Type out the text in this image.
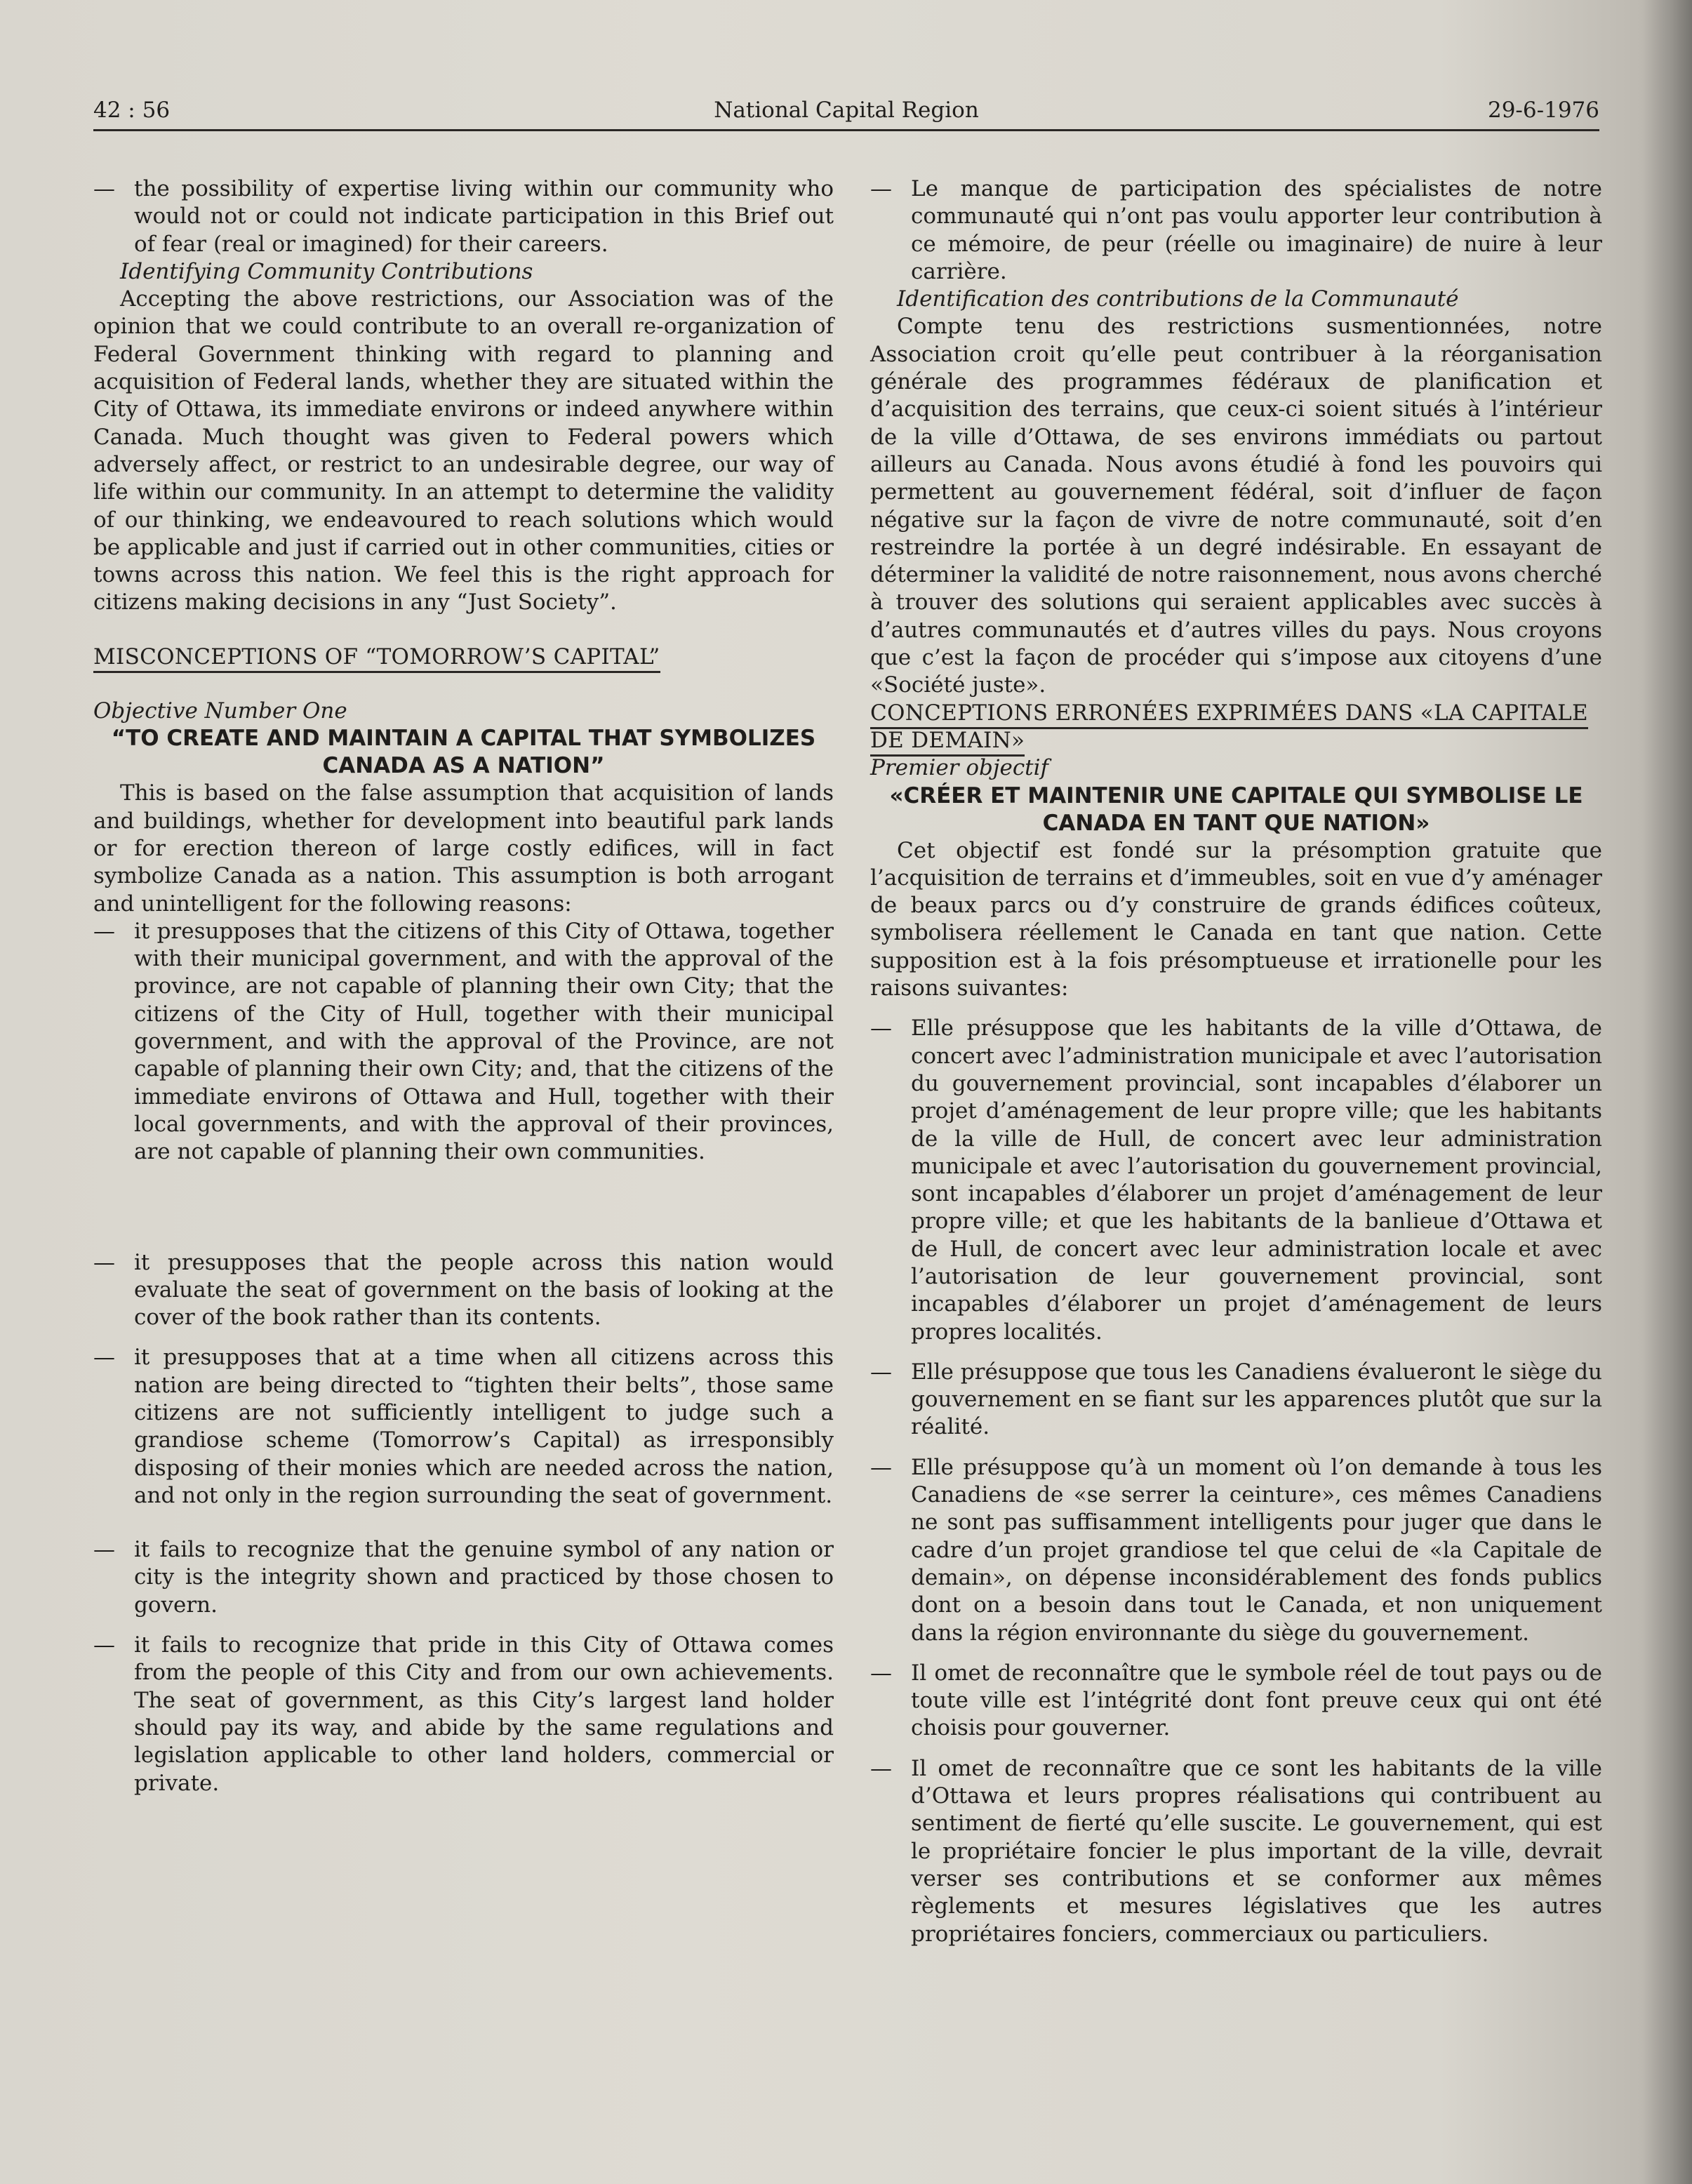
42 : 56	National Capital Region	29-6-1976

— the possibility of expertise living within our community who would not or could not indicate participation in this Brief out of fear (real or imagined) for their careers.

Identifying Community Contributions

Accepting the above restrictions, our Association was of the opinion that we could contribute to an overall re-organization of Federal Government thinking with regard to planning and acquisition of Federal lands, whether they are situated within the City of Ottawa, its immediate environs or indeed anywhere within Canada. Much thought was given to Federal powers which adversely affect, or restrict to an undesirable degree, our way of life within our community. In an attempt to determine the validity of our thinking, we endeavoured to reach solutions which would be applicable and just if carried out in other communities, cities or towns across this nation. We feel this is the right approach for citizens making decisions in any “Just Society”.

MISCONCEPTIONS OF “TOMORROW’S CAPITAL”

Objective Number One

“TO CREATE AND MAINTAIN A CAPITAL THAT SYMBOLIZES CANADA AS A NATION”

This is based on the false assumption that acquisition of lands and buildings, whether for development into beautiful park lands or for erection thereon of large costly edifices, will in fact symbolize Canada as a nation. This assumption is both arrogant and unintelligent for the following reasons:

— it presupposes that the citizens of this City of Ottawa, together with their municipal government, and with the approval of the province, are not capable of planning their own City; that the citizens of the City of Hull, together with their municipal government, and with the approval of the Province, are not capable of planning their own City; and, that the citizens of the immediate environs of Ottawa and Hull, together with their local governments, and with the approval of their provinces, are not capable of planning their own communities.

— it presupposes that the people across this nation would evaluate the seat of government on the basis of looking at the cover of the book rather than its contents.

— it presupposes that at a time when all citizens across this nation are being directed to “tighten their belts”, those same citizens are not sufficiently intelligent to judge such a grandiose scheme (Tomorrow’s Capital) as irresponsibly disposing of their monies which are needed across the nation, and not only in the region surrounding the seat of government.

— it fails to recognize that the genuine symbol of any nation or city is the integrity shown and practiced by those chosen to govern.

— it fails to recognize that pride in this City of Ottawa comes from the people of this City and from our own achievements. The seat of government, as this City’s largest land holder should pay its way, and abide by the same regulations and legislation applicable to other land holders, commercial or private.

— Le manque de participation des spécialistes de notre communauté qui n’ont pas voulu apporter leur contribution à ce mémoire, de peur (réelle ou imaginaire) de nuire à leur carrière.

Identification des contributions de la Communauté

Compte tenu des restrictions susmentionnées, notre Association croit qu’elle peut contribuer à la réorganisation générale des programmes fédéraux de planification et d’acquisition des terrains, que ceux-ci soient situés à l’intérieur de la ville d’Ottawa, de ses environs immédiats ou partout ailleurs au Canada. Nous avons étudié à fond les pouvoirs qui permettent au gouvernement fédéral, soit d’influer de façon négative sur la façon de vivre de notre communauté, soit d’en restreindre la portée à un degré indésirable. En essayant de déterminer la validité de notre raisonnement, nous avons cherché à trouver des solutions qui seraient applicables avec succès à d’autres communautés et d’autres villes du pays. Nous croyons que c’est la façon de procéder qui s’impose aux citoyens d’une «Société juste».

CONCEPTIONS ERRONÉES EXPRIMÉES DANS «LA CAPITALE DE DEMAIN»

Premier objectif

«CRÉER ET MAINTENIR UNE CAPITALE QUI SYMBOLISE LE CANADA EN TANT QUE NATION»

Cet objectif est fondé sur la présomption gratuite que l’acquisition de terrains et d’immeubles, soit en vue d’y aménager de beaux parcs ou d’y construire de grands édifices coûteux, symbolisera réellement le Canada en tant que nation. Cette supposition est à la fois présomptueuse et irrationelle pour les raisons suivantes:

— Elle présuppose que les habitants de la ville d’Ottawa, de concert avec l’administration municipale et avec l’autorisation du gouvernement provincial, sont incapables d’élaborer un projet d’aménagement de leur propre ville; que les habitants de la ville de Hull, de concert avec leur administration municipale et avec l’autorisation du gouvernement provincial, sont incapables d’élaborer un projet d’aménagement de leur propre ville; et que les habitants de la banlieue d’Ottawa et de Hull, de concert avec leur administration locale et avec l’autorisation de leur gouvernement provincial, sont incapables d’élaborer un projet d’aménagement de leurs propres localités.

— Elle présuppose que tous les Canadiens évalueront le siège du gouvernement en se fiant sur les apparences plutôt que sur la réalité.

— Elle présuppose qu’à un moment où l’on demande à tous les Canadiens de «se serrer la ceinture», ces mêmes Canadiens ne sont pas suffisamment intelligents pour juger que dans le cadre d’un projet grandiose tel que celui de «la Capitale de demain», on dépense inconsidérablement des fonds publics dont on a besoin dans tout le Canada, et non uniquement dans la région environnante du siège du gouvernement.

— Il omet de reconnaître que le symbole réel de tout pays ou de toute ville est l’intégrité dont font preuve ceux qui ont été choisis pour gouverner.

— Il omet de reconnaître que ce sont les habitants de la ville d’Ottawa et leurs propres réalisations qui contribuent au sentiment de fierté qu’elle suscite. Le gouvernement, qui est le propriétaire foncier le plus important de la ville, devrait verser ses contributions et se conformer aux mêmes règlements et mesures législatives que les autres propriétaires fonciers, commerciaux ou particuliers.
